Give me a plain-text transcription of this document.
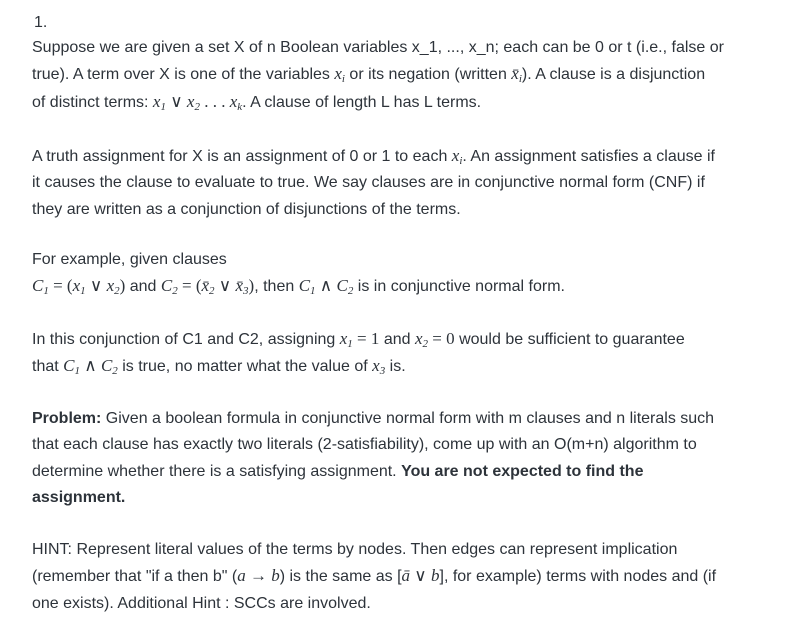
1.

Suppose we are given a set X of n Boolean variables x_1, ..., x_n; each can be 0 or t (i.e., false or
true). A term over X is one of the variables $x_i$ or its negation (written $x̄_i$). A clause is a disjunction
of distinct terms: $x_1$ ∨ $x_2$ . . . $x_k$. A clause of length L has L terms.

A truth assignment for X is an assignment of 0 or 1 to each $x_i$. An assignment satisfies a clause if
it causes the clause to evaluate to true. We say clauses are in conjunctive normal form (CNF) if
they are written as a conjunction of disjunctions of the terms.

For example, given clauses
$C_1 = (x_1$ ∨ $x_2$) and $C_2$ = ($x̄_2$ ∨ $x̄_3$), then $C_1$ ∧ $C_2$ is in conjunctive normal form.

In this conjunction of C1 and C2, assigning $x_1 = 1$ and $x_2 = 0$ would be sufficient to guarantee
that $C_1$ ∧ $C_2$ is true, no matter what the value of $x_3$ is.

Problem: Given a boolean formula in conjunctive normal form with m clauses and n literals such
that each clause has exactly two literals (2-satisfiability), come up with an O(m+n) algorithm to
determine whether there is a satisfying assignment. You are not expected to find the
assignment.

HINT: Represent literal values of the terms by nodes. Then edges can represent implication
(remember that "if a then b" (a → b) is the same as [ā ∨ b], for example) terms with nodes and (if
one exists). Additional Hint : SCCs are involved.
